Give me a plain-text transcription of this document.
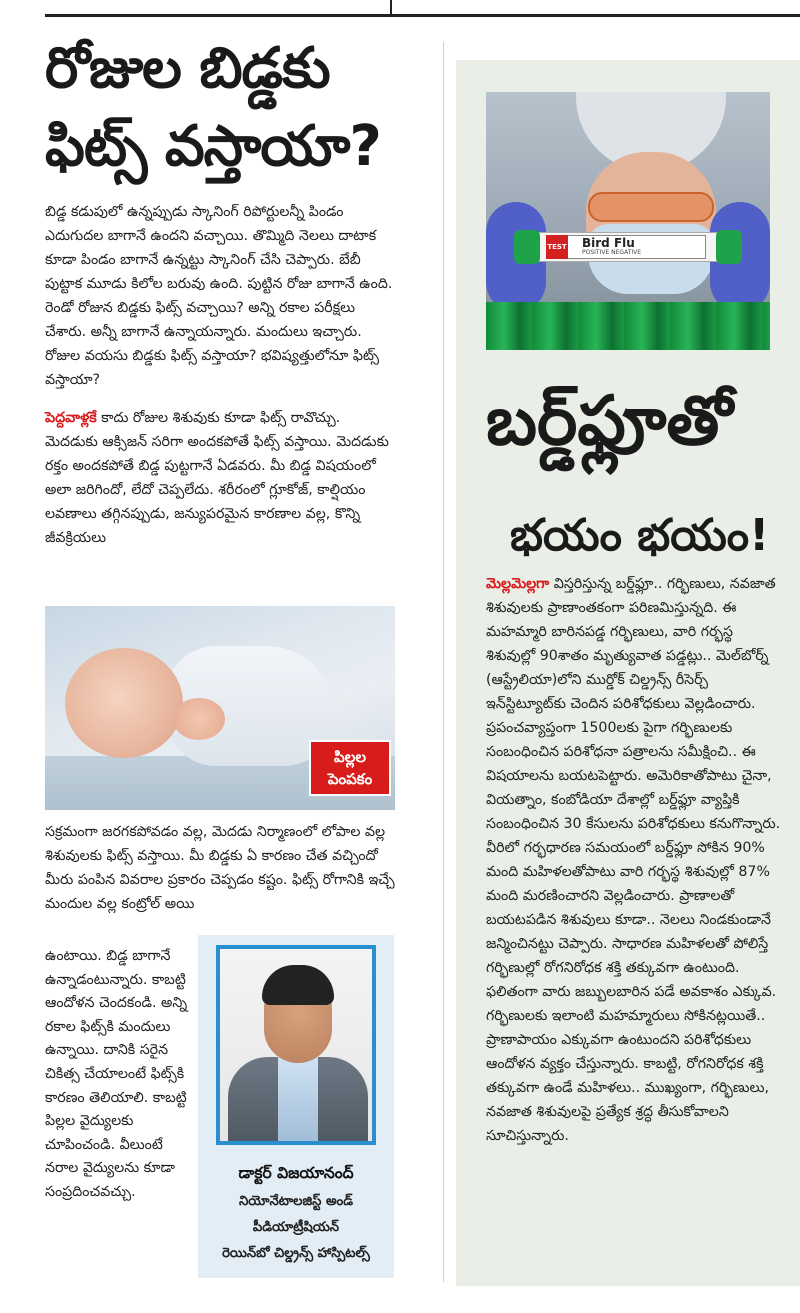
రోజుల బిడ్డకు ఫిట్స్ వస్తాయా?

బిడ్డ కడుపులో ఉన్నప్పుడు స్కానింగ్ రిపోర్టులన్నీ పిండం ఎదుగుదల బాగానే ఉందని వచ్చాయి. తొమ్మిది నెలలు దాటాక కూడా పిండం బాగానే ఉన్నట్టు స్కానింగ్ చేసి చెప్పారు. బేబీ పుట్టాక మూడు కిలోల బరువు ఉంది. పుట్టిన రోజు బాగానే ఉంది. రెండో రోజున బిడ్డకు ఫిట్స్ వచ్చాయి? అన్ని రకాల పరీక్షలు చేశారు. అన్నీ బాగానే ఉన్నాయన్నారు. మందులు ఇచ్చారు. రోజుల వయసు బిడ్డకు ఫిట్స్ వస్తాయా? భవిష్యత్తులోనూ ఫిట్స్ వస్తాయా?

పెద్దవాళ్లకే కాదు రోజుల శిశువుకు కూడా ఫిట్స్ రావొచ్చు. మెదడుకు ఆక్సిజన్ సరిగా అందకపోతే ఫిట్స్ వస్తాయి. మెదడుకు రక్తం అందకపోతే బిడ్డ పుట్టగానే ఏడవరు. మీ బిడ్డ విషయంలో అలా జరిగిందో, లేదో చెప్పలేదు. శరీరంలో గ్లూకోజ్, కాల్షియం లవణాలు తగ్గినప్పుడు, జన్యుపరమైన కారణాల వల్ల, కొన్ని జీవక్రియలు

పిల్లల పెంపకం

సక్రమంగా జరగకపోవడం వల్ల, మెదడు నిర్మాణంలో లోపాల వల్ల శిశువులకు ఫిట్స్ వస్తాయి. మీ బిడ్డకు ఏ కారణం చేత వచ్చిందో మీరు పంపిన వివరాల ప్రకారం చెప్పడం కష్టం. ఫిట్స్ రోగానికి ఇచ్చే మందుల వల్ల కంట్రోల్ అయి

ఉంటాయి. బిడ్డ బాగానే ఉన్నాడంటున్నారు. కాబట్టి ఆందోళన చెందకండి. అన్ని రకాల ఫిట్స్‌కి మందులు ఉన్నాయి. దానికి సరైన చికిత్స చేయాలంటే ఫిట్స్‌కి కారణం తెలియాలి. కాబట్టి పిల్లల వైద్యులకు చూపించండి. వీలుంటే నరాల వైద్యులను కూడా సంప్రదించవచ్చు.

డాక్టర్ విజయానంద్
నియోనేటాలజిస్ట్ అండ్
పీడియాట్రీషియన్
రెయిన్‌బో చిల్డ్రన్స్ హాస్పిటల్స్
TEST Bird Flu
POSITIVE NEGATIVE
బర్డ్‌ఫ్లూతో
భయం భయం!

మెల్లమెల్లగా విస్తరిస్తున్న బర్డ్‌ఫ్లూ.. గర్భిణులు, నవజాత శిశువులకు ప్రాణాంతకంగా పరిణమిస్తున్నది. ఈ మహమ్మారి బారినపడ్డ గర్భిణులు, వారి గర్భస్థ శిశువుల్లో 90శాతం మృత్యువాత పడ్డట్లు.. మెల్‌బోర్న్ (ఆస్ట్రేలియా)లోని ముర్డోక్ చిల్డ్రన్స్ రీసెర్చ్ ఇన్‌స్టిట్యూట్‌కు చెందిన పరిశోధకులు వెల్లడించారు. ప్రపంచవ్యాప్తంగా 1500లకు పైగా గర్భిణులకు సంబంధించిన పరిశోధనా పత్రాలను సమీక్షించి.. ఈ విషయాలను బయటపెట్టారు. అమెరికాతోపాటు చైనా, వియత్నాం, కంబోడియా దేశాల్లో బర్డ్‌ఫ్లూ వ్యాప్తికి సంబంధించిన 30 కేసులను పరిశోధకులు కనుగొన్నారు. వీరిలో గర్భధారణ సమయంలో బర్డ్‌ఫ్లూ సోకిన 90% మంది మహిళలతోపాటు వారి గర్భస్థ శిశువుల్లో 87% మంది మరణించారని వెల్లడించారు. ప్రాణాలతో బయటపడిన శిశువులు కూడా.. నెలలు నిండకుండానే జన్మించినట్టు చెప్పారు. సాధారణ మహిళలతో పోలిస్తే గర్భిణుల్లో రోగనిరోధక శక్తి తక్కువగా ఉంటుంది. ఫలితంగా వారు జబ్బులబారిన పడే అవకాశం ఎక్కువ. గర్భిణులకు ఇలాంటి మహమ్మారులు సోకినట్లయితే.. ప్రాణాపాయం ఎక్కువగా ఉంటుందని పరిశోధకులు ఆందోళన వ్యక్తం చేస్తున్నారు. కాబట్టి, రోగనిరోధక శక్తి తక్కువగా ఉండే మహిళలు.. ముఖ్యంగా, గర్భిణులు, నవజాత శిశువులపై ప్రత్యేక శ్రద్ధ తీసుకోవాలని సూచిస్తున్నారు.
